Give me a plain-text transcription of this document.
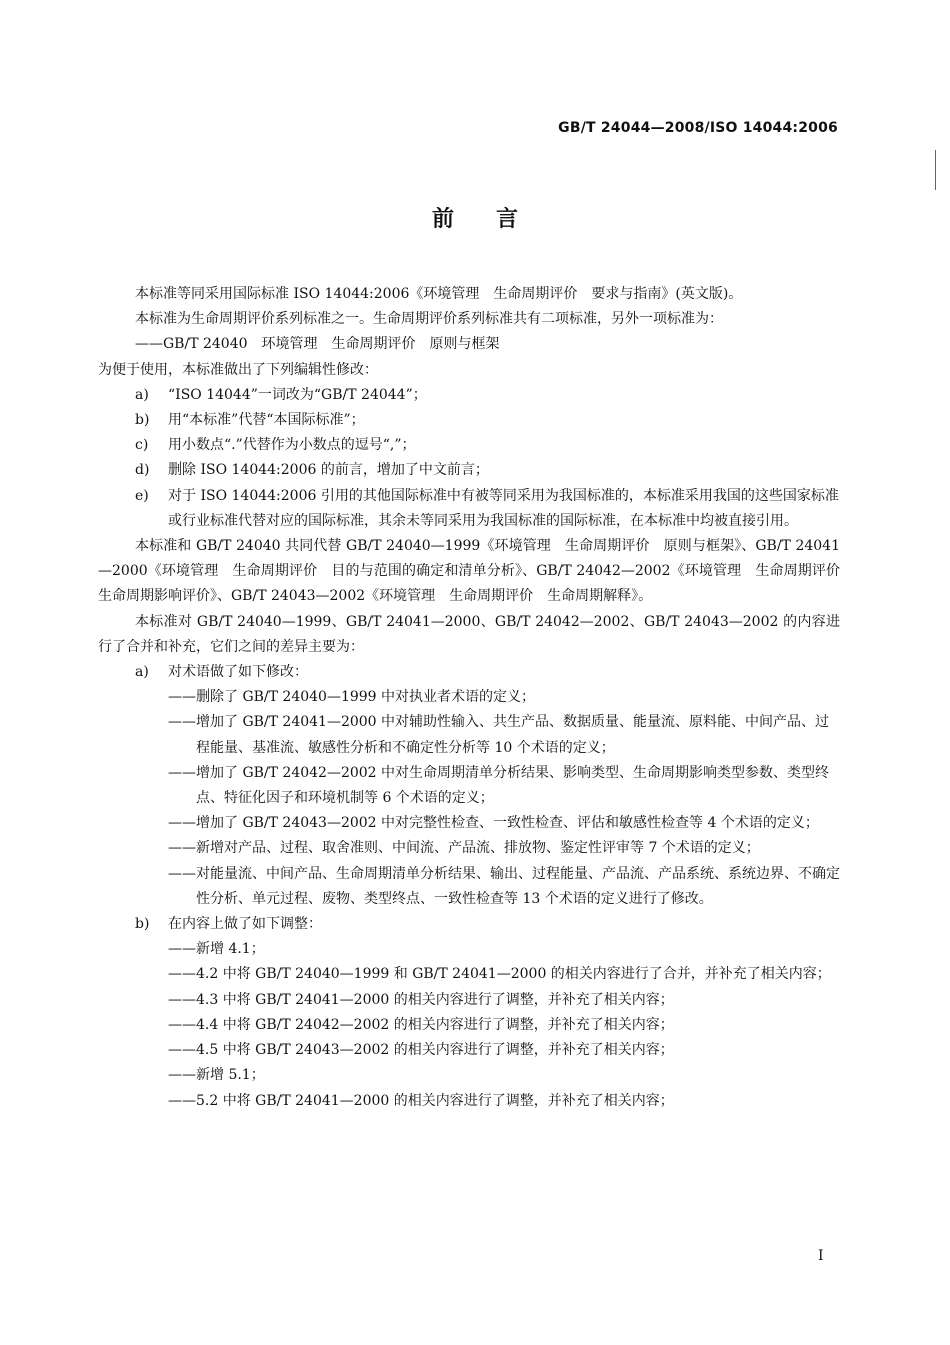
GB/T 24044—2008/ISO 14044:2006
前言

本标准等同采用国际标准 ISO 14044:2006《环境管理　生命周期评价　要求与指南》(英文版)。

本标准为生命周期评价系列标准之一。生命周期评价系列标准共有二项标准，另外一项标准为：

——GB/T 24040　环境管理　生命周期评价　原则与框架

为便于使用，本标准做出了下列编辑性修改：

a) “ISO 14044”一词改为“GB/T 24044”；
b) 用“本标准”代替“本国际标准”；
c) 用小数点“.”代替作为小数点的逗号“,”；
d) 删除 ISO 14044:2006 的前言，增加了中文前言；
e) 对于 ISO 14044:2006 引用的其他国际标准中有被等同采用为我国标准的，本标准采用我国的这些国家标准或行业标准代替对应的国际标准，其余未等同采用为我国标准的国际标准，在本标准中均被直接引用。

本标准和 GB/T 24040 共同代替 GB/T 24040—1999《环境管理　生命周期评价　原则与框架》、GB/T 24041—2000《环境管理　生命周期评价　目的与范围的确定和清单分析》、GB/T 24042—2002《环境管理　生命周期评价　生命周期影响评价》、GB/T 24043—2002《环境管理　生命周期评价　生命周期解释》。

本标准对 GB/T 24040—1999、GB/T 24041—2000、GB/T 24042—2002、GB/T 24043—2002 的内容进行了合并和补充，它们之间的差异主要为：

a) 对术语做了如下修改：
——删除了 GB/T 24040—1999 中对执业者术语的定义；
——增加了 GB/T 24041—2000 中对辅助性输入、共生产品、数据质量、能量流、原料能、中间产品、过程能量、基准流、敏感性分析和不确定性分析等 10 个术语的定义；
——增加了 GB/T 24042—2002 中对生命周期清单分析结果、影响类型、生命周期影响类型参数、类型终点、特征化因子和环境机制等 6 个术语的定义；
——增加了 GB/T 24043—2002 中对完整性检查、一致性检查、评估和敏感性检查等 4 个术语的定义；
——新增对产品、过程、取舍准则、中间流、产品流、排放物、鉴定性评审等 7 个术语的定义；
——对能量流、中间产品、生命周期清单分析结果、输出、过程能量、产品流、产品系统、系统边界、不确定性分析、单元过程、废物、类型终点、一致性检查等 13 个术语的定义进行了修改。
b) 在内容上做了如下调整：
——新增 4.1；
——4.2 中将 GB/T 24040—1999 和 GB/T 24041—2000 的相关内容进行了合并，并补充了相关内容；
——4.3 中将 GB/T 24041—2000 的相关内容进行了调整，并补充了相关内容；
——4.4 中将 GB/T 24042—2002 的相关内容进行了调整，并补充了相关内容；
——4.5 中将 GB/T 24043—2002 的相关内容进行了调整，并补充了相关内容；
——新增 5.1；
——5.2 中将 GB/T 24041—2000 的相关内容进行了调整，并补充了相关内容；
I
